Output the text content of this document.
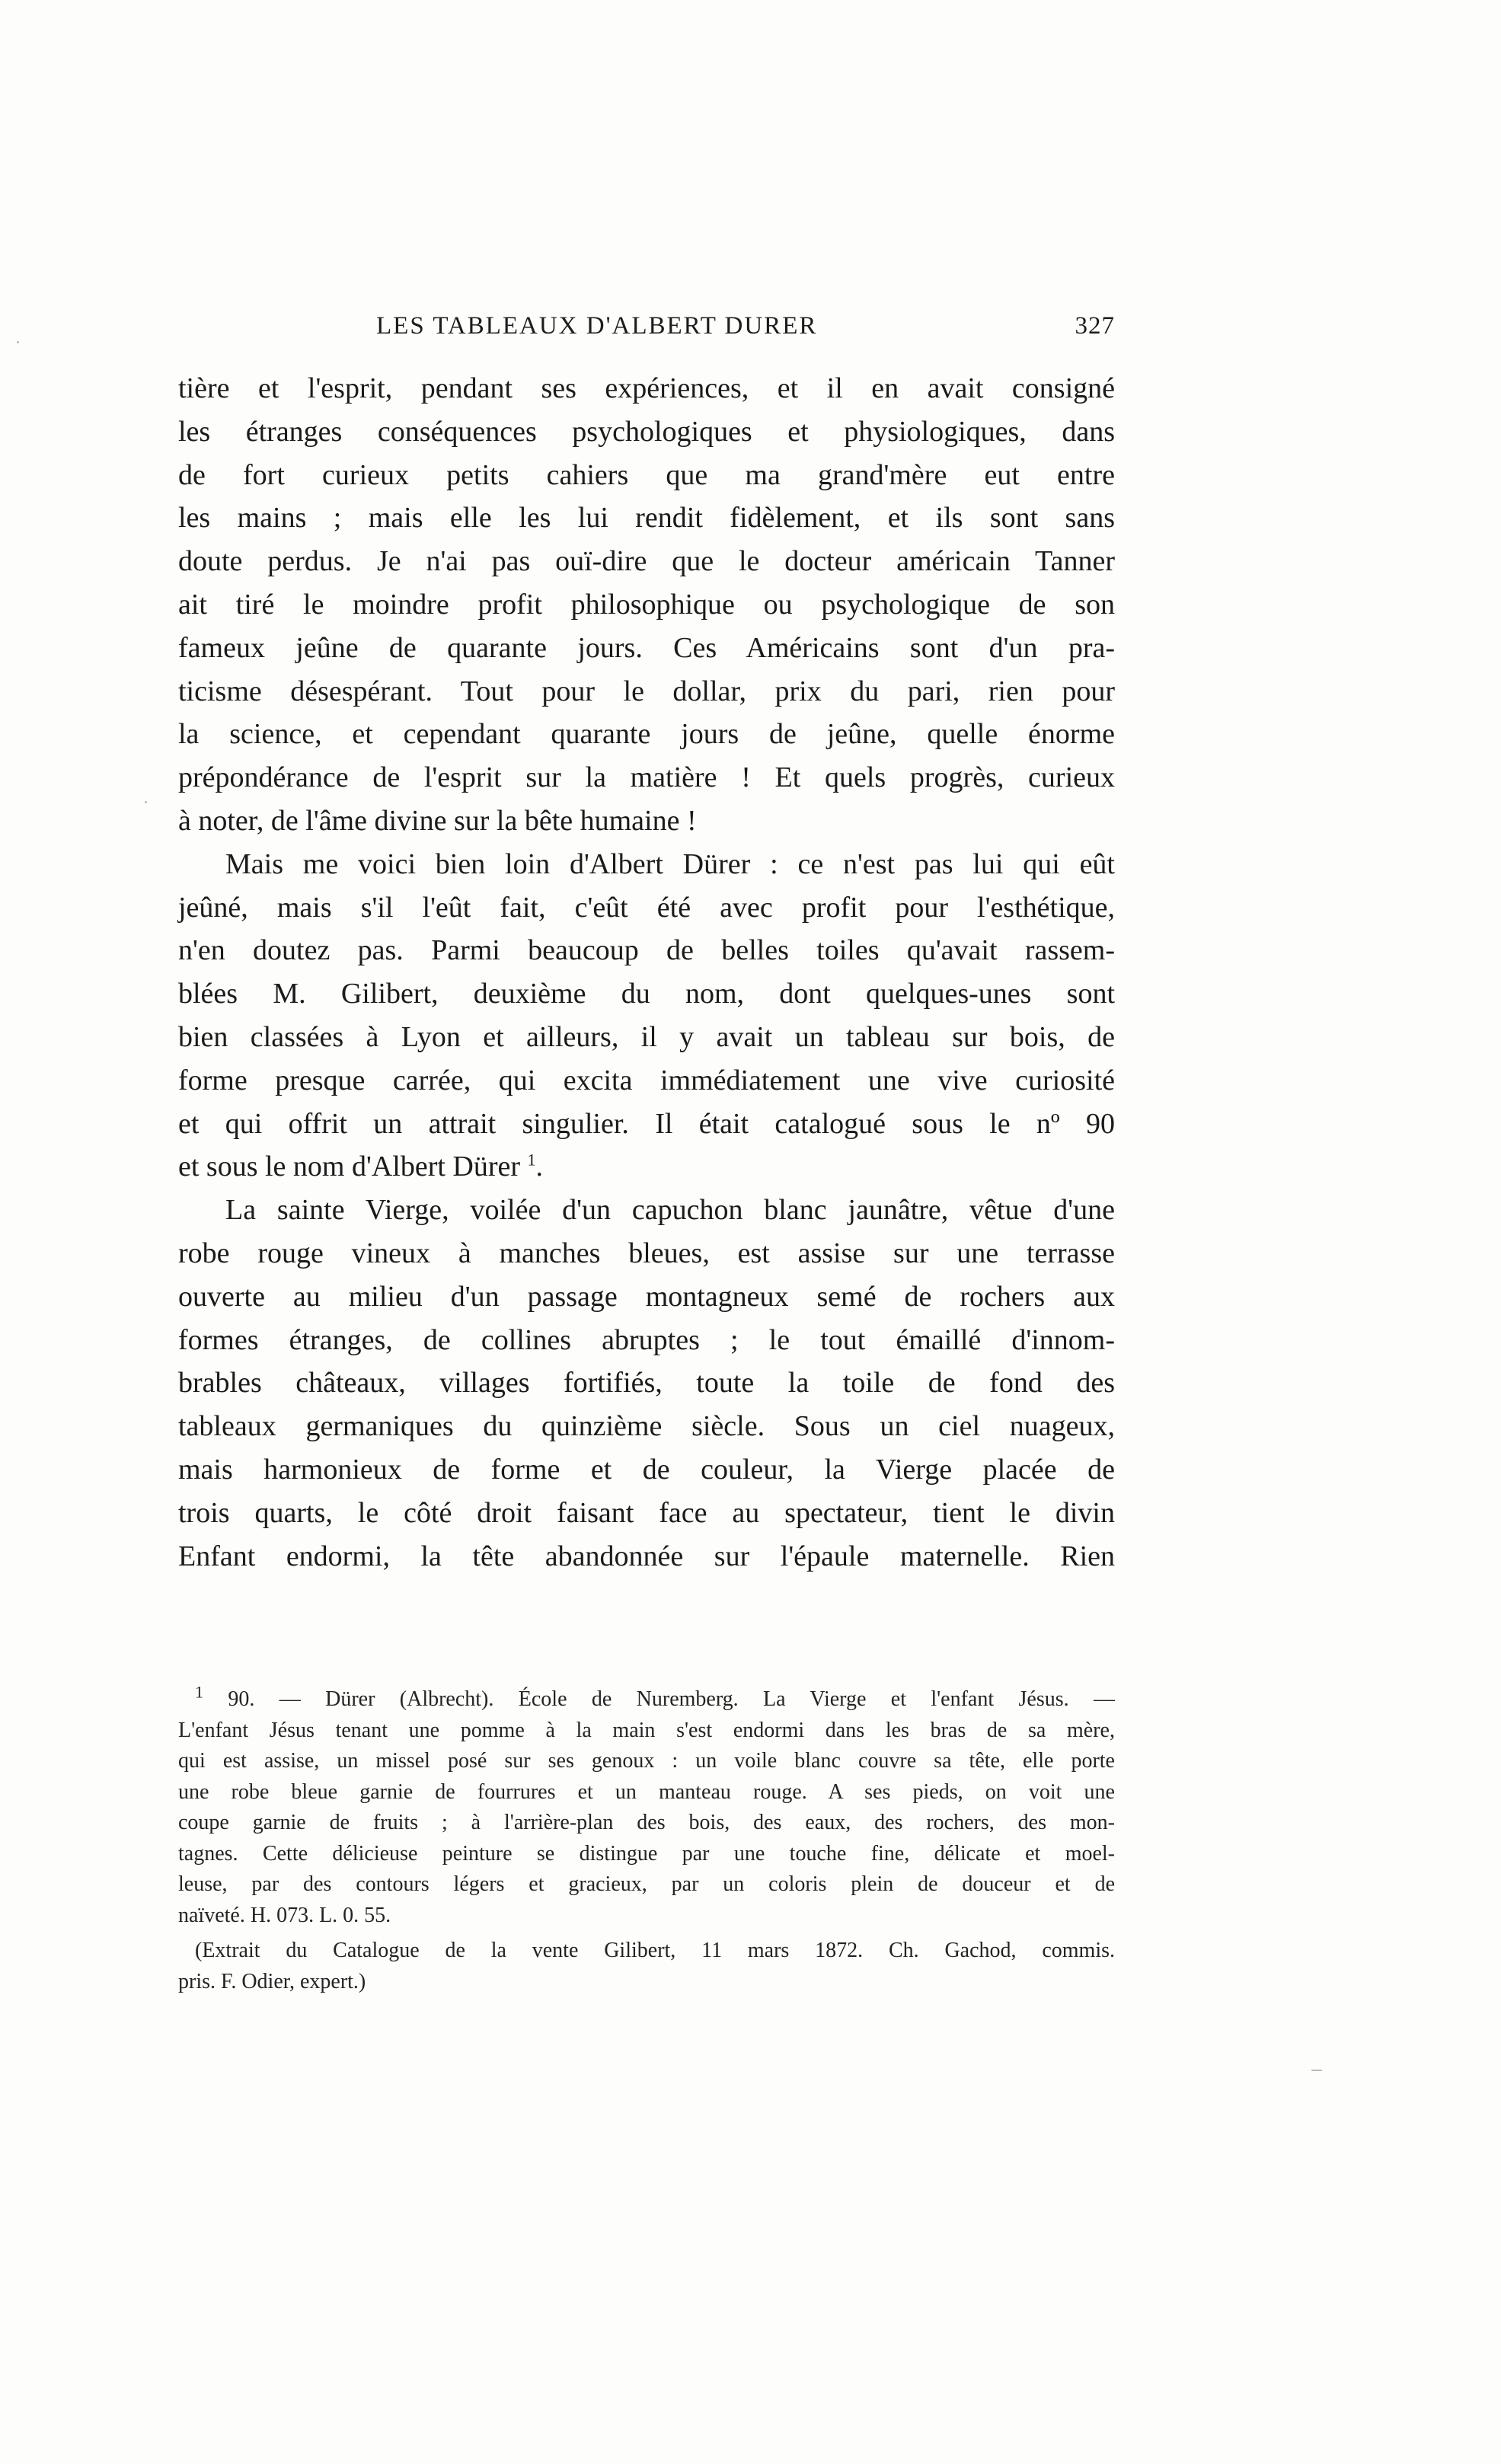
LES TABLEAUX D'ALBERT DURER	327
tière et l'esprit, pendant ses expériences, et il en avait consigné
les étranges conséquences psychologiques et physiologiques, dans
de fort curieux petits cahiers que ma grand'mère eut entre
les mains ; mais elle les lui rendit fidèlement, et ils sont sans
doute perdus. Je n'ai pas ouï-dire que le docteur américain Tanner
ait tiré le moindre profit philosophique ou psychologique de son
fameux jeûne de quarante jours. Ces Américains sont d'un pra-
ticisme désespérant. Tout pour le dollar, prix du pari, rien pour
la science, et cependant quarante jours de jeûne, quelle énorme
prépondérance de l'esprit sur la matière ! Et quels progrès, curieux
à noter, de l'âme divine sur la bête humaine !
Mais me voici bien loin d'Albert Dürer : ce n'est pas lui qui eût
jeûné, mais s'il l'eût fait, c'eût été avec profit pour l'esthétique,
n'en doutez pas. Parmi beaucoup de belles toiles qu'avait rassem-
blées M. Gilibert, deuxième du nom, dont quelques-unes sont
bien classées à Lyon et ailleurs, il y avait un tableau sur bois, de
forme presque carrée, qui excita immédiatement une vive curiosité
et qui offrit un attrait singulier. Il était catalogué sous le nº 90
et sous le nom d'Albert Dürer $^1$.
La sainte Vierge, voilée d'un capuchon blanc jaunâtre, vêtue d'une
robe rouge vineux à manches bleues, est assise sur une terrasse
ouverte au milieu d'un passage montagneux semé de rochers aux
formes étranges, de collines abruptes ; le tout émaillé d'innom-
brables châteaux, villages fortifiés, toute la toile de fond des
tableaux germaniques du quinzième siècle. Sous un ciel nuageux,
mais harmonieux de forme et de couleur, la Vierge placée de
trois quarts, le côté droit faisant face au spectateur, tient le divin
Enfant endormi, la tête abandonnée sur l'épaule maternelle. Rien
$^1$ 90. — Dürer (Albrecht). École de Nuremberg. La Vierge et l'enfant Jésus. —
L'enfant Jésus tenant une pomme à la main s'est endormi dans les bras de sa mère,
qui est assise, un missel posé sur ses genoux : un voile blanc couvre sa tête, elle porte
une robe bleue garnie de fourrures et un manteau rouge. A ses pieds, on voit une
coupe garnie de fruits ; à l'arrière-plan des bois, des eaux, des rochers, des mon-
tagnes. Cette délicieuse peinture se distingue par une touche fine, délicate et moel-
leuse, par des contours légers et gracieux, par un coloris plein de douceur et de
naïveté. H. 073. L. 0. 55.
(Extrait du Catalogue de la vente Gilibert, 11 mars 1872. Ch. Gachod, commis.
pris. F. Odier, expert.)
